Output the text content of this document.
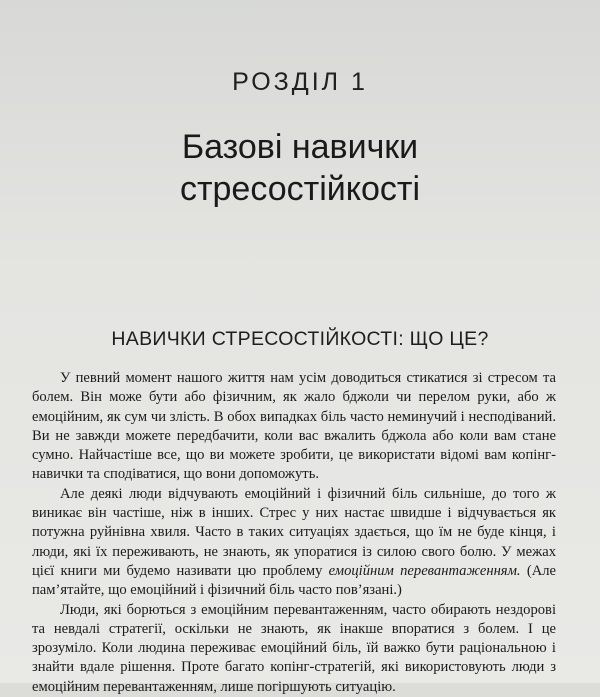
РОЗДІЛ 1
Базові навички
стресостійкості
НАВИЧКИ СТРЕСОСТІЙКОСТІ: ЩО ЦЕ?

У певний момент нашого життя нам усім доводиться стикатися зі стресом та болем. Він може бути або фізичним, як жало бджоли чи перелом руки, або ж емоційним, як сум чи злість. В обох випадках біль часто неминучий і несподіваний. Ви не завжди можете передбачити, коли вас вжалить бджола або коли вам стане сумно. Найчастіше все, що ви можете зробити, це використати відомі вам копінг-навички та сподіватися, що вони допоможуть.

Але деякі люди відчувають емоційний і фізичний біль сильніше, до того ж виникає він частіше, ніж в інших. Стрес у них настає швидше і відчувається як потужна руйнівна хвиля. Часто в таких ситуаціях здається, що їм не буде кінця, і люди, які їх переживають, не знають, як упоратися із силою свого болю. У межах цієї книги ми будемо називати цю проблему емоційним перевантаженням. (Але пам’ятайте, що емоційний і фізичний біль часто пов’язані.)

Люди, які борються з емоційним перевантаженням, часто обирають нездорові та невдалі стратегії, оскільки не знають, як інакше впоратися з болем. І це зрозуміло. Коли людина переживає емоційний біль, їй важко бути раціональною і знайти вдале рішення. Проте багато копінг-стратегій, які використовують люди з емоційним перевантаженням, лише погіршують ситуацію.
